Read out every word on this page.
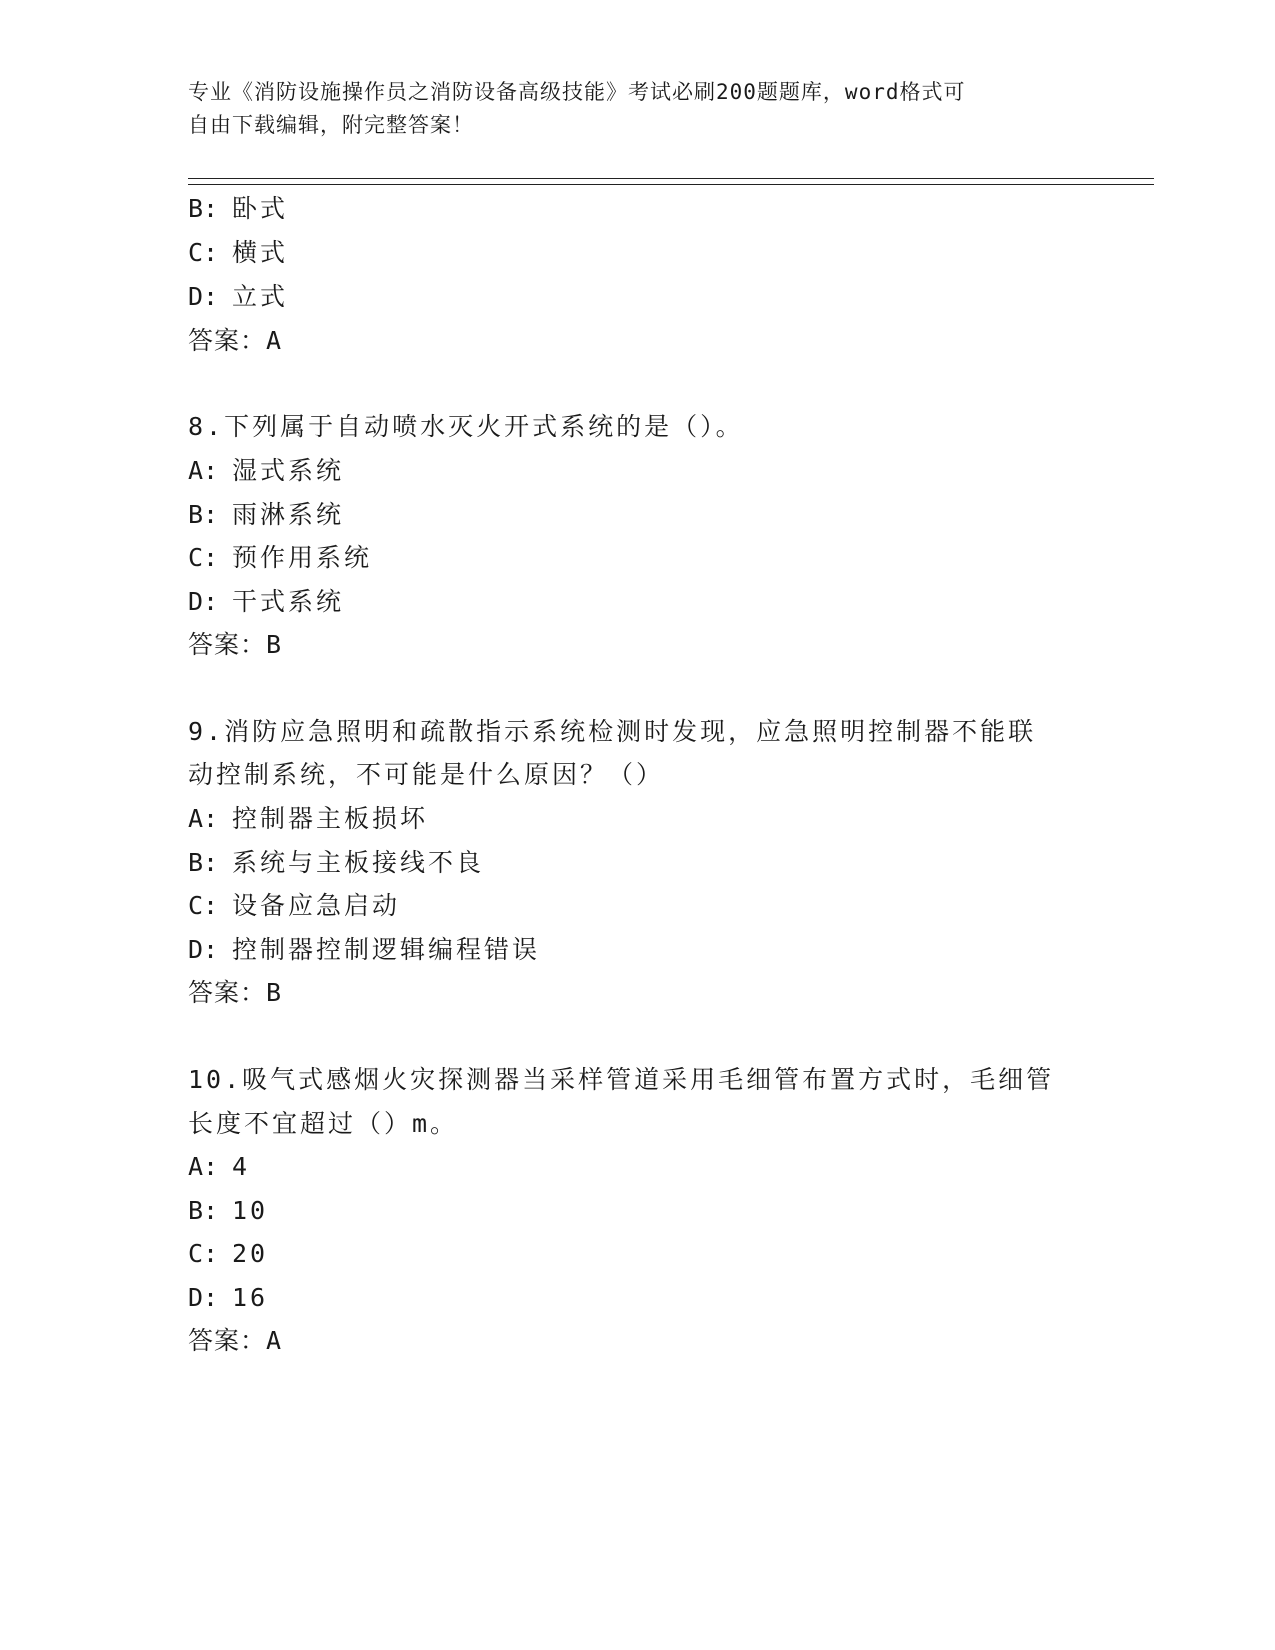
专业《消防设施操作员之消防设备高级技能》考试必刷200题题库，word格式可
自由下载编辑，附完整答案！
B: 卧式
C: 横式
D: 立式
答案：A
8.下列属于自动喷水灭火开式系统的是（）。
A: 湿式系统
B: 雨淋系统
C: 预作用系统
D: 干式系统
答案：B
9.消防应急照明和疏散指示系统检测时发现，应急照明控制器不能联
动控制系统，不可能是什么原因？（）
A: 控制器主板损坏
B: 系统与主板接线不良
C: 设备应急启动
D: 控制器控制逻辑编程错误
答案：B
10.吸气式感烟火灾探测器当采样管道采用毛细管布置方式时，毛细管
长度不宜超过（）m。
A: 4
B: 10
C: 20
D: 16
答案：A
